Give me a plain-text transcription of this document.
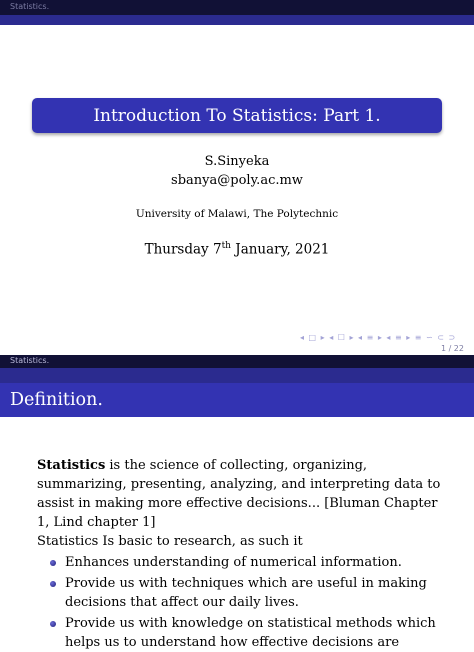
Statistics.
Introduction To Statistics: Part 1.
S.Sinyeka
sbanya@poly.ac.mw
University of Malawi, The Polytechnic
Thursday 7th January, 2021
◂ □ ▸ ◂ ☐ ▸ ◂ ≡ ▸ ◂ ≡ ▸ ≡ ∽ ⊂ ⊃
1 / 22
Statistics.
Definition.

Statistics is the science of collecting, organizing, summarizing, presenting, analyzing, and interpreting data to assist in making more effective decisions... [Bluman Chapter 1, Lind chapter 1]

Statistics Is basic to research, as such it

Enhances understanding of numerical information.
Provide us with techniques which are useful in making decisions that affect our daily lives.
Provide us with knowledge on statistical methods which helps us to understand how effective decisions are
